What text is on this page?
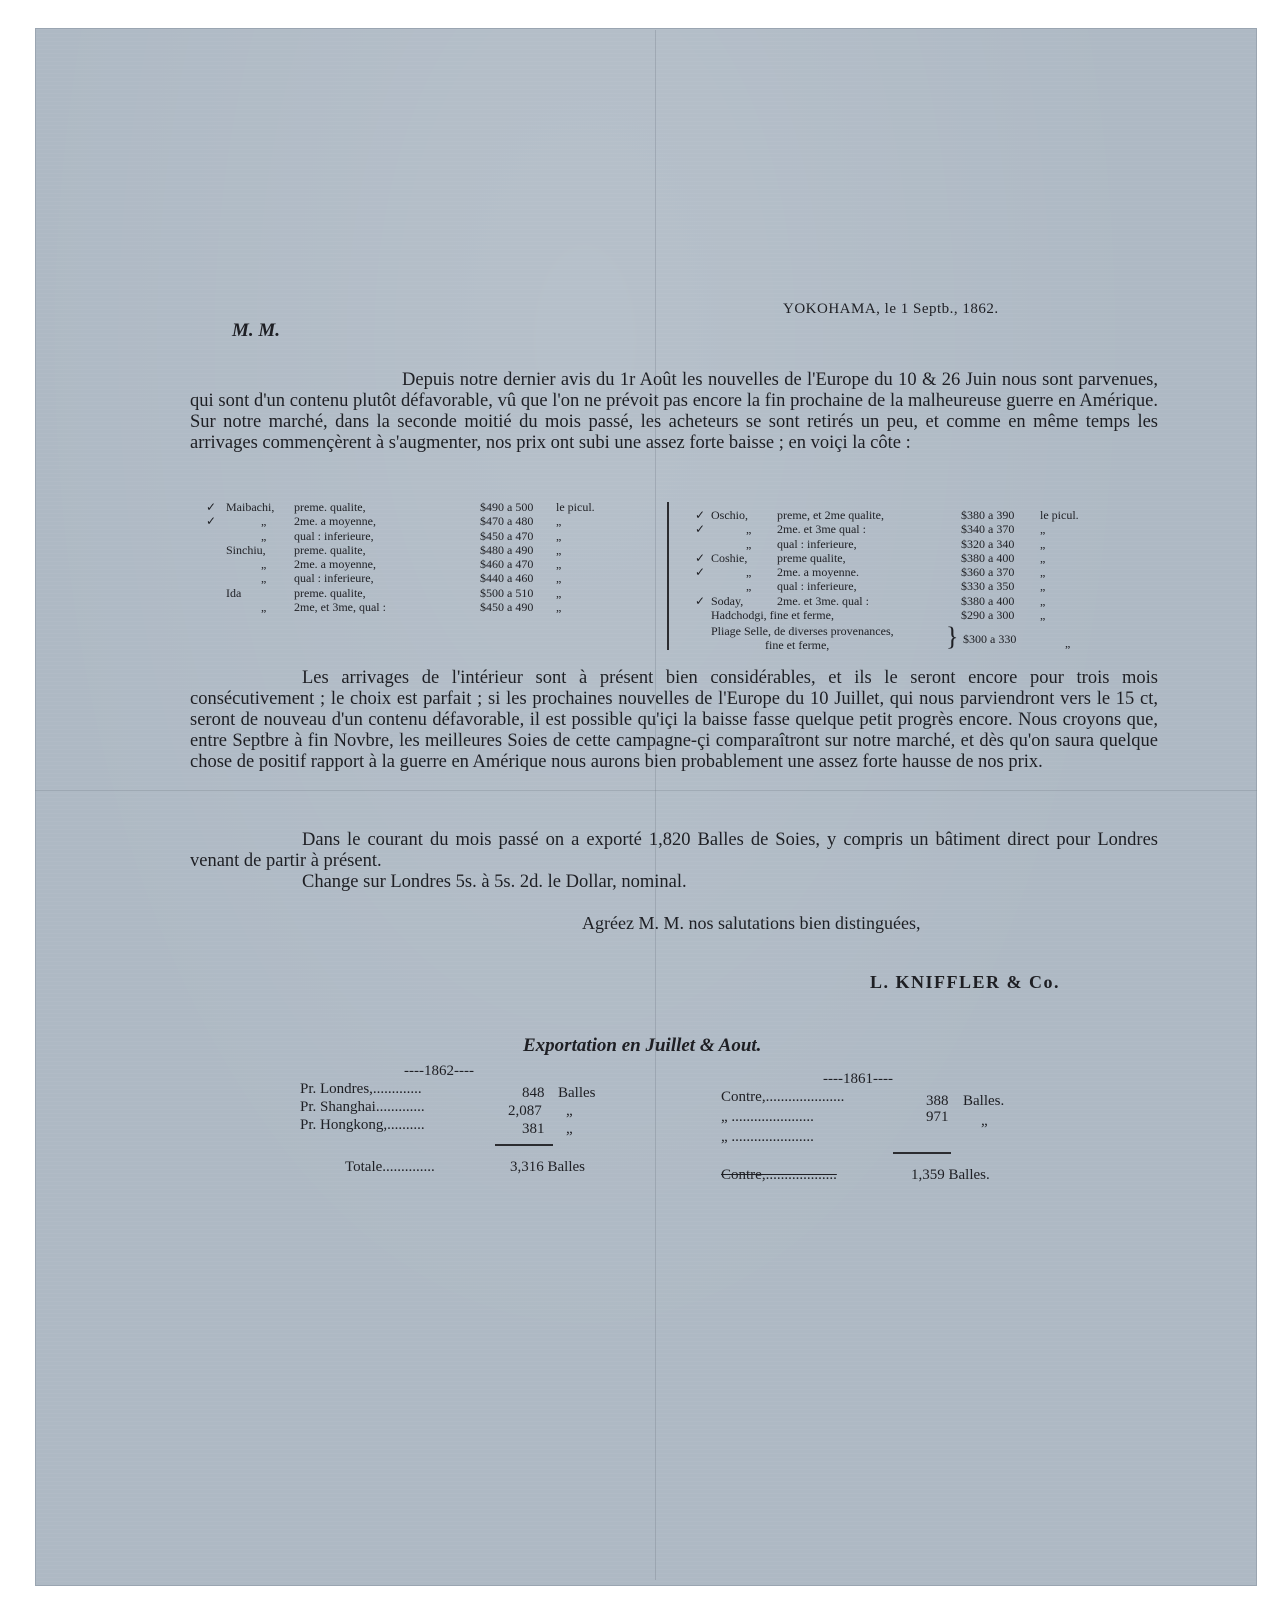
YOKOHAMA, le 1 Septb., 1862.
M. M.
Depuis notre dernier avis du 1r Août les nouvelles de l'Europe du 10 & 26 Juin nous sont parvenues, qui sont d'un contenu plutôt défavorable, vû que l'on ne prévoit pas encore la fin prochaine de la malheureuse guerre en Amérique. Sur notre marché, dans la seconde moitié du mois passé, les acheteurs se sont retirés un peu, et comme en même temps les arrivages commençèrent à s'augmenter, nos prix ont subi une assez forte baisse ; en voiçi la côte :
✓ Maibachi, preme. qualite,	$490 a 500 le picul.
✓	„ 2me. a moyenne,	$470 a 480 „
„ qual : inferieure,	$450 a 470 „
Sinchiu, preme. qualite,	$480 a 490 „
„ 2me. a moyenne,	$460 a 470 „
„ qual : inferieure,	$440 a 460 „
Ida	preme. qualite,	$500 a 510 „
„ 2me, et 3me, qual :	$450 a 490 „
✓ Oschio, preme, et 2me qualite,	$380 a 390 le picul.
✓	„ 2me. et 3me qual :	$340 a 370 „
„ qual : inferieure,	$320 a 340 „
✓ Coshie, preme qualite,	$380 a 400 „
✓	„ 2me. a moyenne.	$360 a 370 „
„ qual : inferieure,	$330 a 350 „
✓ Soday,	2me. et 3me. qual :	$380 a 400 „
Hadchodgi, fine et ferme,	$290 a 300 „
Pliage Selle, de diverses provenances,
fine et ferme,	} $300 a 330	„
Les arrivages de l'intérieur sont à présent bien considérables, et ils le seront encore pour trois mois consécutivement ; le choix est parfait ; si les prochaines nouvelles de l'Europe du 10 Juillet, qui nous parviendront vers le 15 ct, seront de nouveau d'un contenu défavorable, il est possible qu'içi la baisse fasse quelque petit progrès encore. Nous croyons que, entre Septbre à fin Novbre, les meilleures Soies de cette campagne-çi comparaîtront sur notre marché, et dès qu'on saura quelque chose de positif rapport à la guerre en Amérique nous aurons bien probablement une assez forte hausse de nos prix.
Dans le courant du mois passé on a exporté 1,820 Balles de Soies, y compris un bâtiment direct pour Londres venant de partir à présent.
Change sur Londres 5s. à 5s. 2d. le Dollar, nominal.
Agréez M. M. nos salutations bien distinguées,
L. KNIFFLER & Co.
Exportation en Juillet & Aout.
----1862----
Pr. Londres,.............	848 Balles
Pr. Shanghai.............	2,087 „
Pr. Hongkong,..........	381 „
Totale..............	3,316 Balles
----1861----
Contre,.....................	388 Balles.
„ ......................	971 „
„ ......................
Contre,...................	1,359 Balles.
